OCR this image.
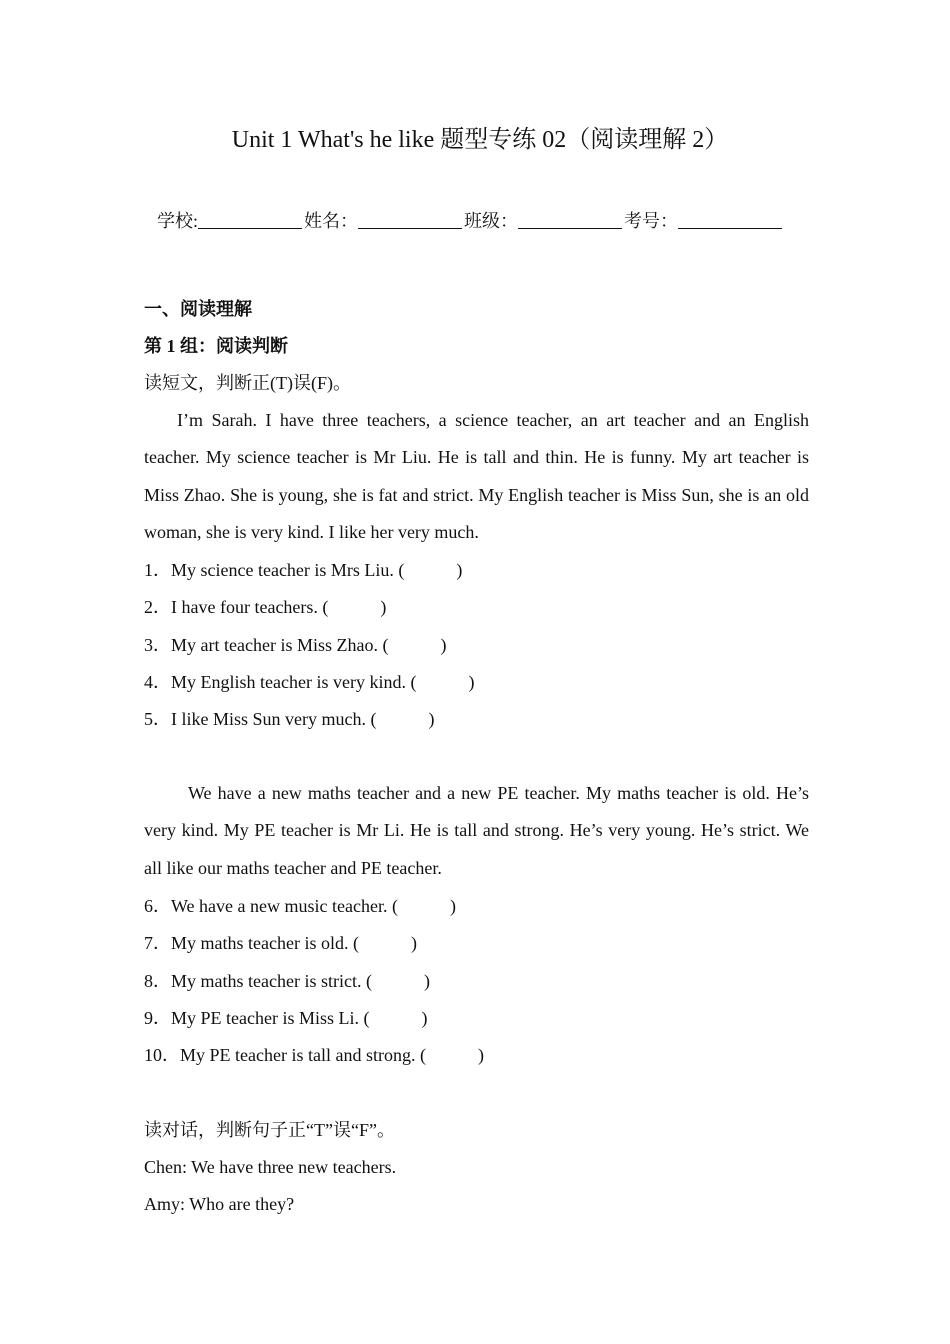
Unit 1 What's he like 题型专练 02（阅读理解 2）
学校:	姓名：	班级：	考号：
一、阅读理解
第 1 组：阅读判断
读短文，判断正(T)误(F)。

I’m Sarah. I have three teachers, a science teacher, an art teacher and an English teacher. My science teacher is Mr Liu. He is tall and thin. He is funny. My art teacher is Miss Zhao. She is young, she is fat and strict. My English teacher is Miss Sun, she is an old woman, she is very kind. I like her very much.

1．My science teacher is Mrs Liu. (	)
2．I have four teachers. (	)
3．My art teacher is Miss Zhao. (	)
4．My English teacher is very kind. (	)
5．I like Miss Sun very much. (	)

We have a new maths teacher and a new PE teacher. My maths teacher is old. He’s very kind. My PE teacher is Mr Li. He is tall and strong. He’s very young. He’s strict. We all like our maths teacher and PE teacher.

6．We have a new music teacher. (	)
7．My maths teacher is old. (	)
8．My maths teacher is strict. (	)
9．My PE teacher is Miss Li. (	)
10．My PE teacher is tall and strong. (	)
读对话，判断句子正“T”误“F”。
Chen: We have three new teachers.
Amy: Who are they?
